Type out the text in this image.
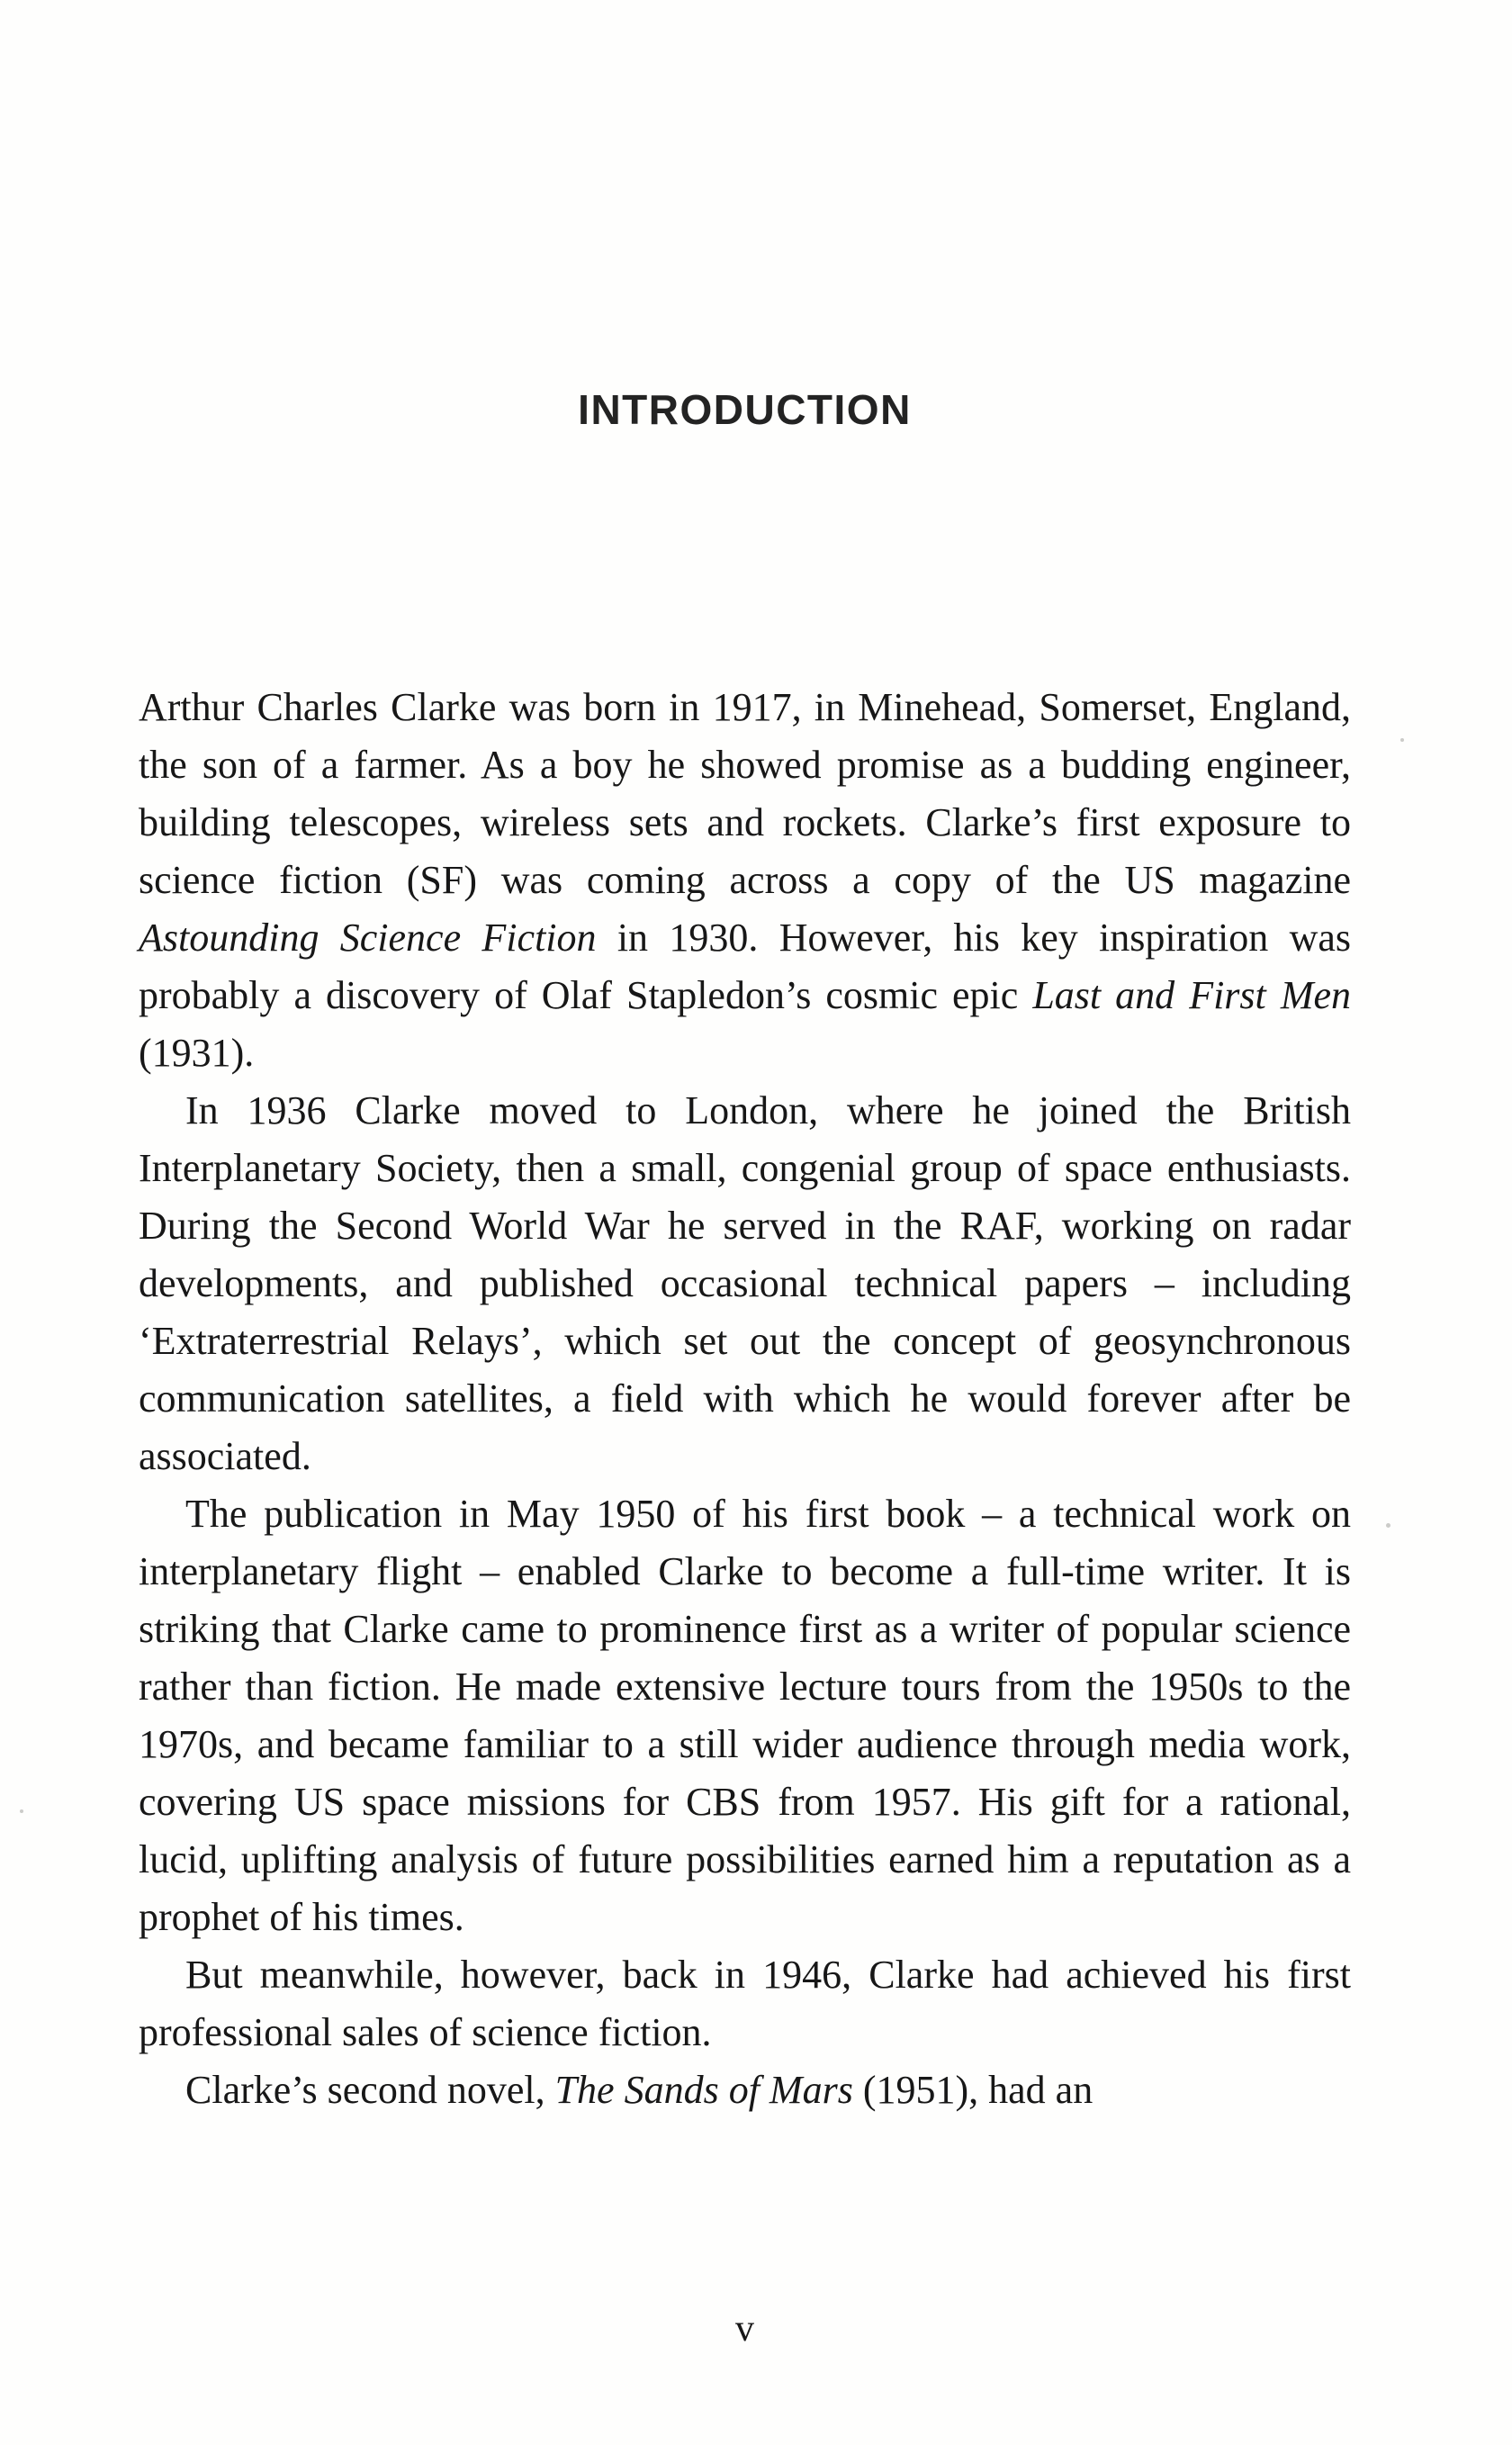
INTRODUCTION

Arthur Charles Clarke was born in 1917, in Minehead, Somerset, England, the son of a farmer. As a boy he showed promise as a budding engineer, building telescopes, wireless sets and rockets. Clarke’s first exposure to science fiction (SF) was coming across a copy of the US magazine Astounding Science Fiction in 1930. However, his key inspiration was probably a discovery of Olaf Stapledon’s cosmic epic Last and First Men (1931).

In 1936 Clarke moved to London, where he joined the British Interplanetary Society, then a small, congenial group of space enthusiasts. During the Second World War he served in the RAF, working on radar developments, and published occasional technical papers – including ‘Extraterrestrial Relays’, which set out the concept of geosynchronous communication satellites, a field with which he would forever after be associated.

The publication in May 1950 of his first book – a technical work on interplanetary flight – enabled Clarke to become a full-time writer. It is striking that Clarke came to prominence first as a writer of popular science rather than fiction. He made extensive lecture tours from the 1950s to the 1970s, and became familiar to a still wider audience through media work, covering US space missions for CBS from 1957. His gift for a rational, lucid, uplifting analysis of future possibilities earned him a reputation as a prophet of his times.

But meanwhile, however, back in 1946, Clarke had achieved his first professional sales of science fiction.

Clarke’s second novel, The Sands of Mars (1951), had an

v
